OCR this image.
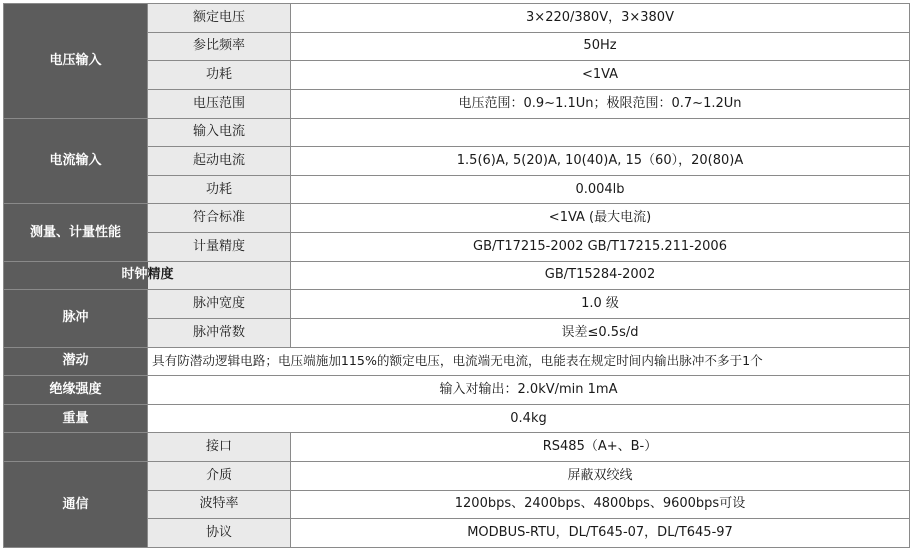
电压输入	额定电压	3×220/380V，3×380V
	参比频率	50Hz
	功耗	<1VA
	电压范围	电压范围：0.9~1.1Un；极限范围：0.7~1.2Un
电流输入	输入电流	
	起动电流	1.5(6)A, 5(20)A, 10(40)A, 15（60），20(80)A
	功耗	0.004lb
测量、计量性能	符合标准	<1VA (最大电流)
	计量精度	GB/T17215-2002 GB/T17215.211-2006
时钟	精度	GB/T15284-2002
脉冲	脉冲宽度	1.0 级
	脉冲常数	误差≤0.5s/d
潜动	具有防潜动逻辑电路；电压端施加115%的额定电压，电流端无电流，电能表在规定时间内输出脉冲不多于1个	
绝缘强度	输入对输出：2.0kV/min 1mA	
重量	0.4kg	
	接口	RS485（A+、B-）
通信	介质	屏蔽双绞线
	波特率	1200bps、2400bps、4800bps、9600bps可设
	协议	MODBUS-RTU，DL/T645-07，DL/T645-97
